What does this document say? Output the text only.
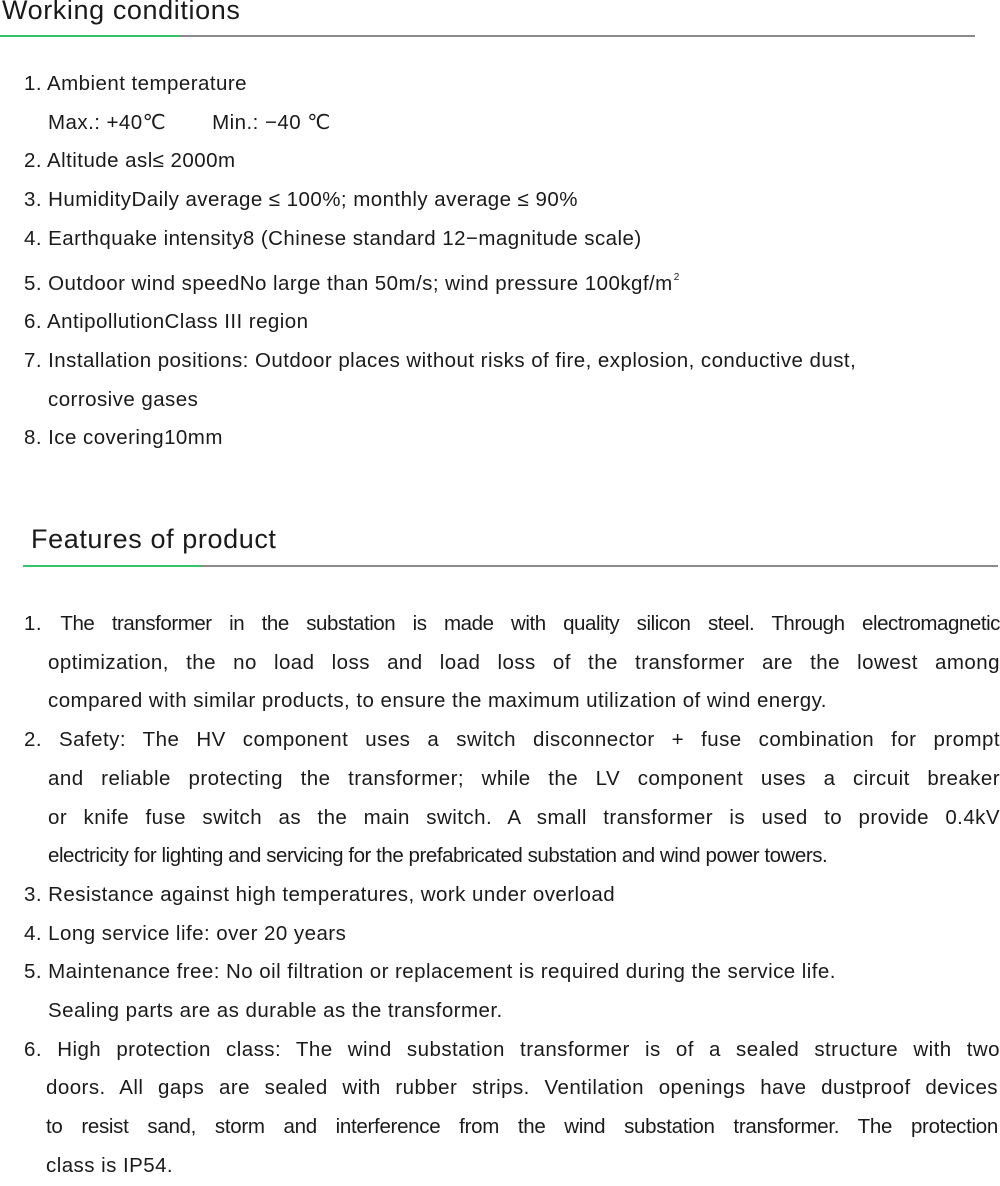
Working conditions
1. Ambient temperature
Max.: +40℃ Min.: −40 ℃
2. Altitude asl≤ 2000m
3. HumidityDaily average ≤ 100%; monthly average ≤ 90%
4. Earthquake intensity8 (Chinese standard 12−magnitude scale)
5. Outdoor wind speedNo large than 50m/s; wind pressure $100kgf/m^2$
6. AntipollutionClass III region
7. Installation positions: Outdoor places without risks of fire, explosion, conductive dust,
corrosive gases
8. Ice covering10mm
Features of product
1. The transformer in the substation is made with quality silicon steel. Through electromagnetic
optimization, the no load loss and load loss of the transformer are the lowest among
compared with similar products, to ensure the maximum utilization of wind energy.
2. Safety: The HV component uses a switch disconnector + fuse combination for prompt
and reliable protecting the transformer; while the LV component uses a circuit breaker
or knife fuse switch as the main switch. A small transformer is used to provide 0.4kV
electricity for lighting and servicing for the prefabricated substation and wind power towers.
3. Resistance against high temperatures, work under overload
4. Long service life: over 20 years
5. Maintenance free: No oil filtration or replacement is required during the service life.
Sealing parts are as durable as the transformer.
6. High protection class: The wind substation transformer is of a sealed structure with two
doors. All gaps are sealed with rubber strips. Ventilation openings have dustproof devices
to resist sand, storm and interference from the wind substation transformer. The protection
class is IP54.
